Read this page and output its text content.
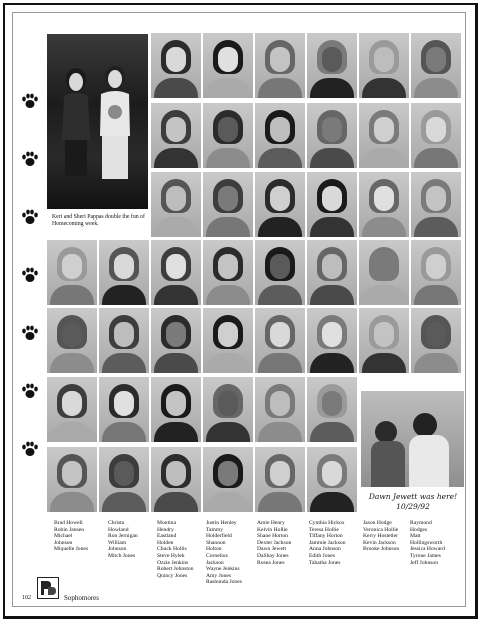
Keri and Sheri Pappas double the fun of Homecoming week.
Dawn Jewett was here!
10/29/92
Brad Howell
Robin Jansen
Michael
Johnson
Miquelle Jones
Christa
Howland
Ron Jernigan
William
Johnson
Mitch Jones
Montina
Hendry
Eastland
Holden
Chuck Hollis
Steve Hylek
Ozzie Jenkins
Robert Johnston
Quincy Jones
Justin Henley
Tammy
Holderfield
Shannon
Holton
Cornelius
Jackson
Wayne Jenkins
Amy Jones
Rashunda Jones
Amie Henry
Kelvin Hollie
Shane Horton
Dexter Jackson
Dawn Jewett
DaShay Jones
Rosea Jones
Cynthia Hickox
Teresa Hollie
Tiffany Horton
Jammie Jackson
Anna Johnson
Edith Jones
Tabatha Jones
Jason Hodge
Veronica Hollie
Kerry Hostetler
Kevin Jackson
Brooke Johnson
Raymond
Hodges
Matt
Hollingsworth
Jessica Howard
Tyrone James
Jeff Johnson
102	Sophomores
